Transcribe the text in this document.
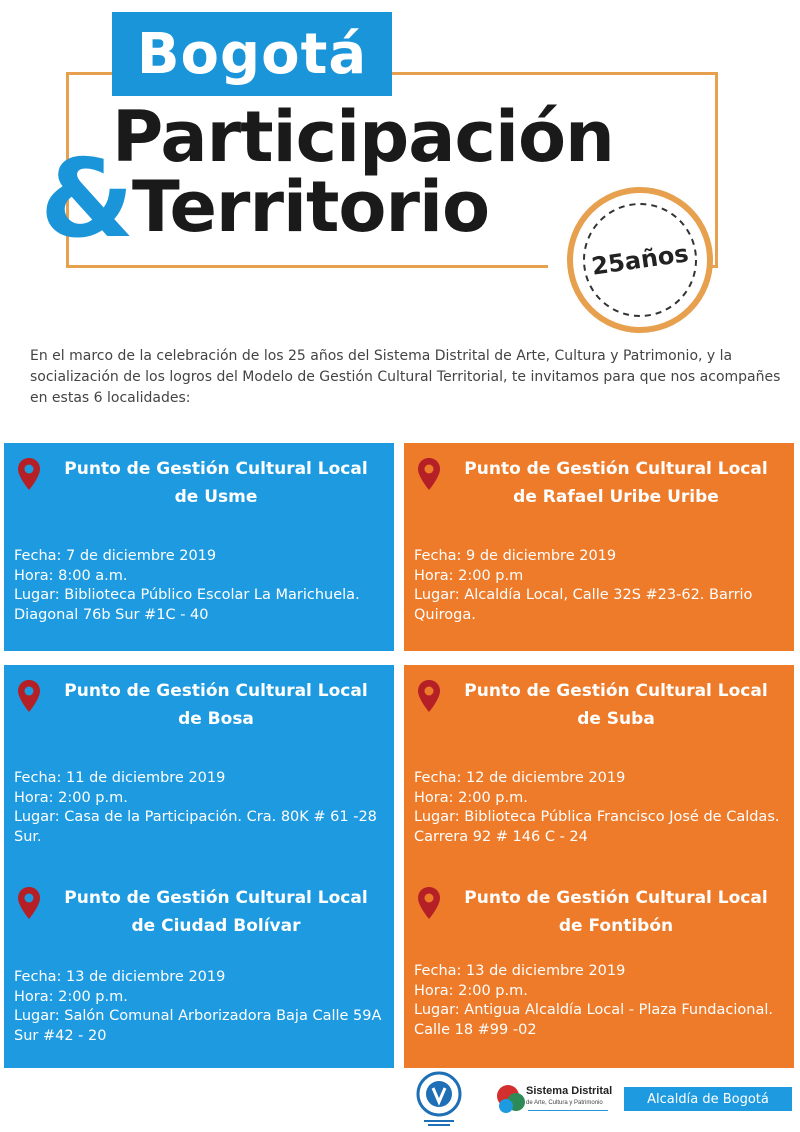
Bogotá
Participación
&
Territorio
25años

En el marco de la celebración de los 25 años del Sistema Distrital de Arte, Cultura y Patrimonio, y la socialización de los logros del Modelo de Gestión Cultural Territorial, te invitamos para que nos acompañes en estas 6 localidades:

Punto de Gestión Cultural Local
de Usme
Fecha: 7 de diciembre 2019
Hora: 8:00 a.m.
Lugar: Biblioteca Público Escolar La Marichuela. Diagonal 76b Sur #1C - 40
Punto de Gestión Cultural Local
de Rafael Uribe Uribe
Fecha: 9 de diciembre 2019
Hora: 2:00 p.m
Lugar: Alcaldía Local, Calle 32S #23-62. Barrio Quiroga.
Punto de Gestión Cultural Local
de Bosa
Fecha: 11 de diciembre 2019
Hora: 2:00 p.m.
Lugar: Casa de la Participación. Cra. 80K # 61 -28 Sur.
Punto de Gestión Cultural Local
de Suba
Fecha: 12 de diciembre 2019
Hora: 2:00 p.m.
Lugar: Biblioteca Pública Francisco José de Caldas. Carrera 92 # 146 C - 24
Punto de Gestión Cultural Local
de Ciudad Bolívar
Fecha: 13 de diciembre 2019
Hora: 2:00 p.m.
Lugar: Salón Comunal Arborizadora Baja Calle 59A Sur #42 - 20
Punto de Gestión Cultural Local
de Fontibón
Fecha: 13 de diciembre 2019
Hora: 2:00 p.m.
Lugar: Antigua Alcaldía Local - Plaza Fundacional. Calle 18 #99 -02
Sistema Distrital
de Arte, Cultura y Patrimonio	Alcaldía de Bogotá
